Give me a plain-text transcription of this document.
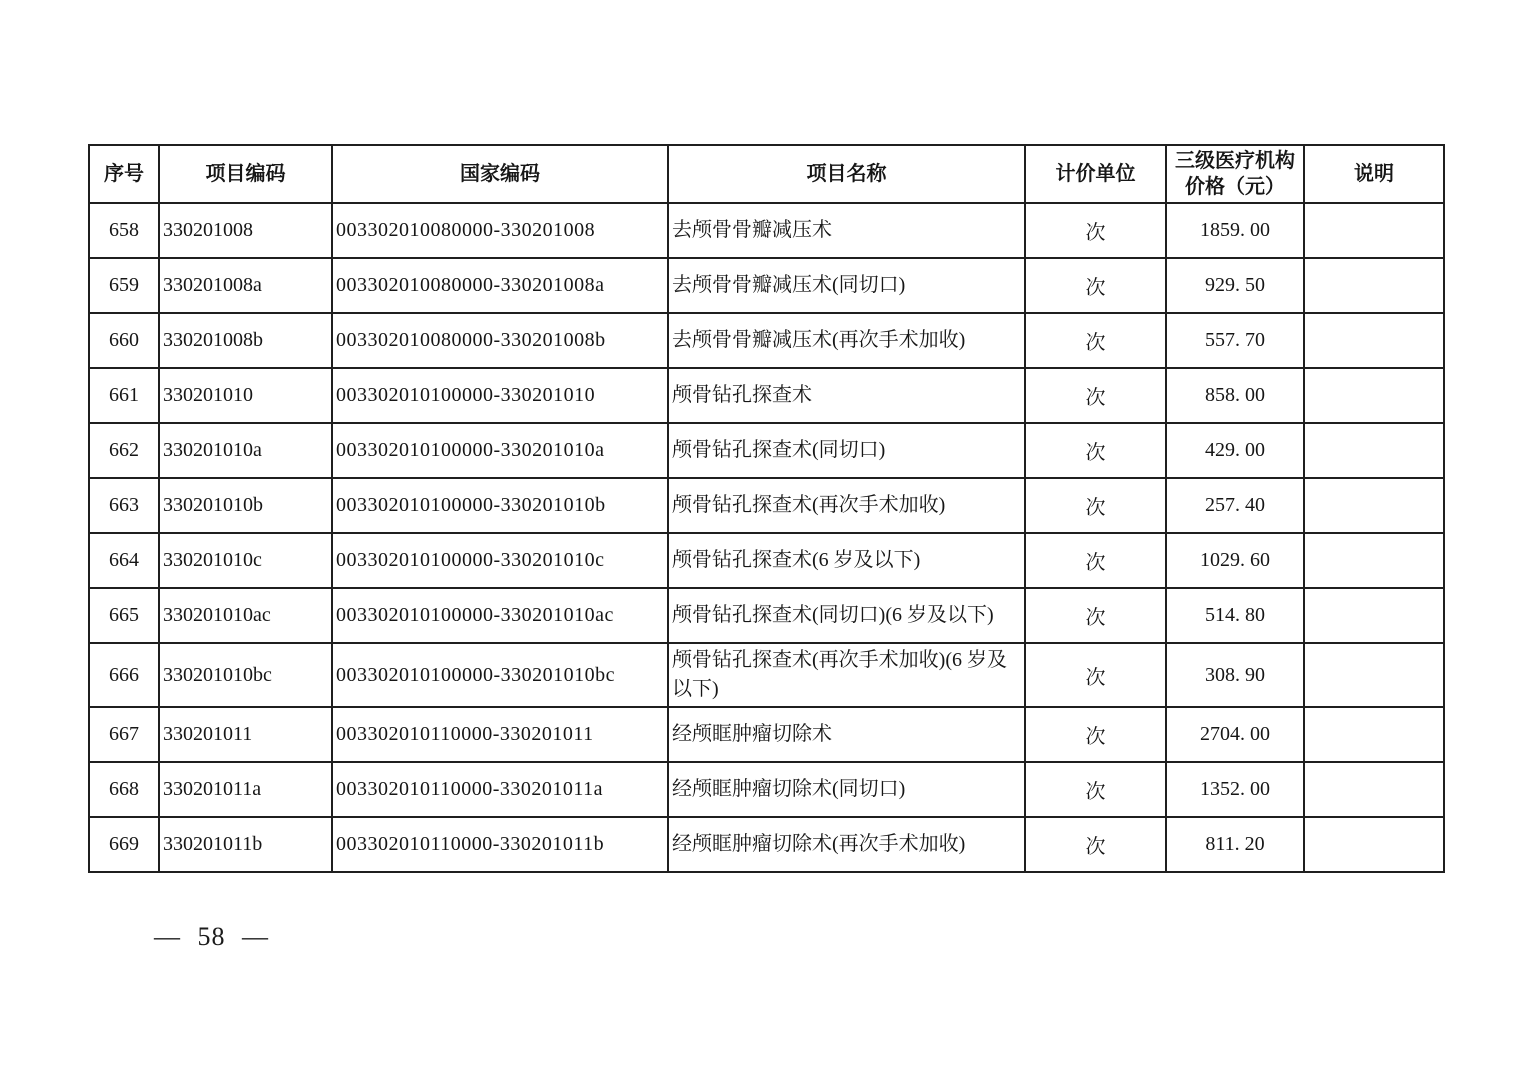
序号	项目编码	国家编码	项目名称	计价单位	三级医疗机构价格（元）	说明
658	330201008	003302010080000-330201008	去颅骨骨瓣减压术	次	1859. 00	
659	330201008a	003302010080000-330201008a	去颅骨骨瓣减压术(同切口)	次	929. 50	
660	330201008b	003302010080000-330201008b	去颅骨骨瓣减压术(再次手术加收)	次	557. 70	
661	330201010	003302010100000-330201010	颅骨钻孔探查术	次	858. 00	
662	330201010a	003302010100000-330201010a	颅骨钻孔探查术(同切口)	次	429. 00	
663	330201010b	003302010100000-330201010b	颅骨钻孔探查术(再次手术加收)	次	257. 40	
664	330201010c	003302010100000-330201010c	颅骨钻孔探查术(6 岁及以下)	次	1029. 60	
665	330201010ac	003302010100000-330201010ac	颅骨钻孔探查术(同切口)(6 岁及以下)	次	514. 80	
666	330201010bc	003302010100000-330201010bc	颅骨钻孔探查术(再次手术加收)(6 岁及以下)	次	308. 90	
667	330201011	003302010110000-330201011	经颅眶肿瘤切除术	次	2704. 00	
668	330201011a	003302010110000-330201011a	经颅眶肿瘤切除术(同切口)	次	1352. 00	
669	330201011b	003302010110000-330201011b	经颅眶肿瘤切除术(再次手术加收)	次	811. 20	
— 58 —
